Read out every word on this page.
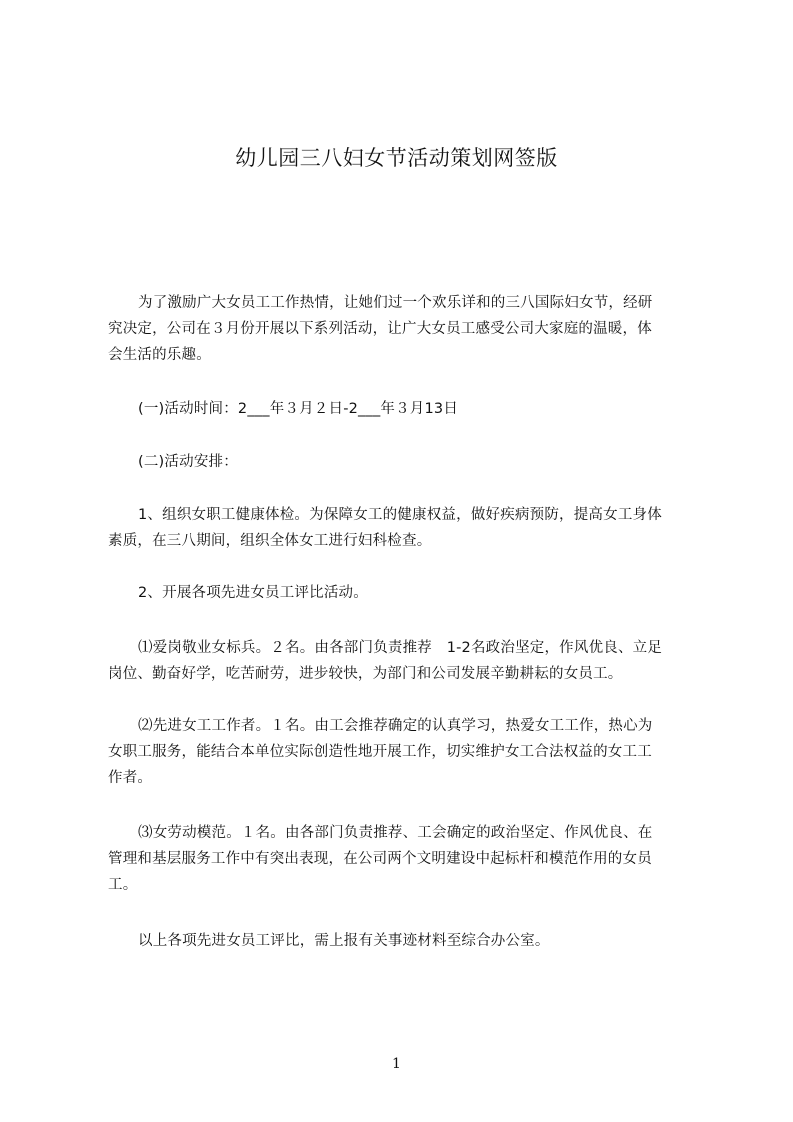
幼儿园三八妇女节活动策划网签版
为了激励广大女员工工作热情，让她们过一个欢乐详和的三八国际妇女节，经研
究决定，公司在３月份开展以下系列活动，让广大女员工感受公司大家庭的温暖，体
会生活的乐趣。
(一)活动时间：2___年３月２日-2___年３月13日
(二)活动安排：
1、组织女职工健康体检。为保障女工的健康权益，做好疾病预防，提高女工身体
素质，在三八期间，组织全体女工进行妇科检查。
2、开展各项先进女员工评比活动。
⑴爱岗敬业女标兵。２名。由各部门负责推荐　1-2名政治坚定，作风优良、立足
岗位、勤奋好学，吃苦耐劳，进步较快，为部门和公司发展辛勤耕耘的女员工。
⑵先进女工工作者。１名。由工会推荐确定的认真学习，热爱女工工作，热心为
女职工服务，能结合本单位实际创造性地开展工作，切实维护女工合法权益的女工工
作者。
⑶女劳动模范。１名。由各部门负责推荐、工会确定的政治坚定、作风优良、在
管理和基层服务工作中有突出表现，在公司两个文明建设中起标杆和模范作用的女员
工。
以上各项先进女员工评比，需上报有关事迹材料至综合办公室。
1
